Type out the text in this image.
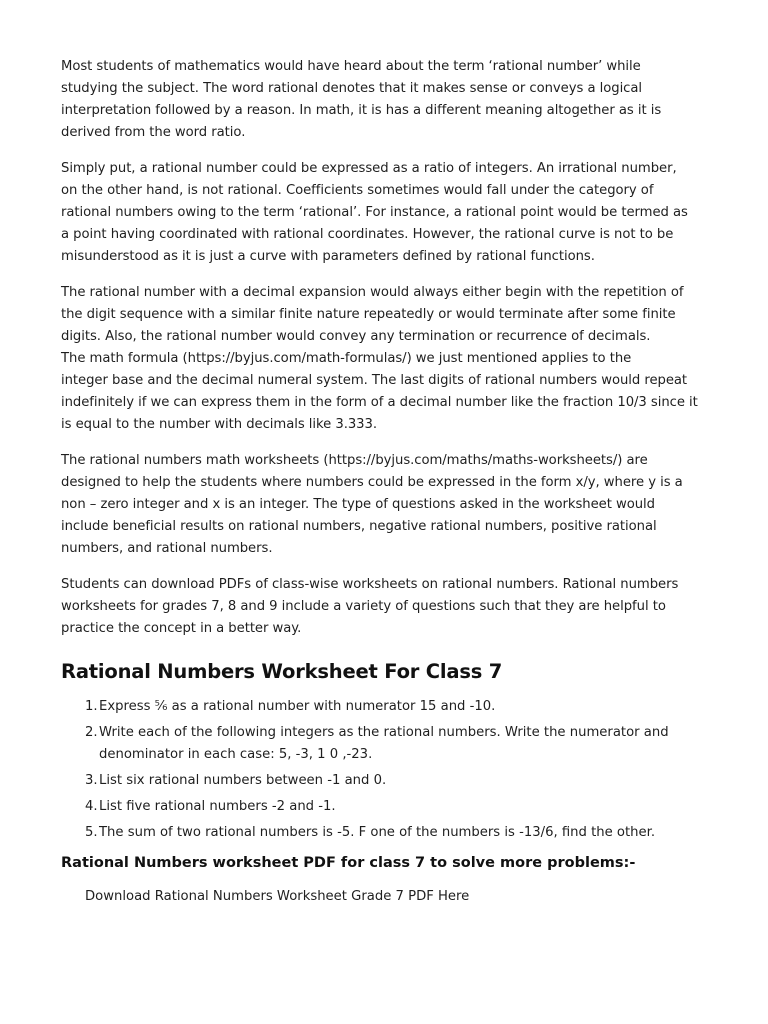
Most students of mathematics would have heard about the term ‘rational number’ while
studying the subject. The word rational denotes that it makes sense or conveys a logical
interpretation followed by a reason. In math, it is has a different meaning altogether as it is
derived from the word ratio.

Simply put, a rational number could be expressed as a ratio of integers. An irrational number,
on the other hand, is not rational. Coefficients sometimes would fall under the category of
rational numbers owing to the term ‘rational’. For instance, a rational point would be termed as
a point having coordinated with rational coordinates. However, the rational curve is not to be
misunderstood as it is just a curve with parameters defined by rational functions.

The rational number with a decimal expansion would always either begin with the repetition of
the digit sequence with a similar finite nature repeatedly or would terminate after some finite
digits. Also, the rational number would convey any termination or recurrence of decimals.
The math formula (https://byjus.com/math-formulas/) we just mentioned applies to the
integer base and the decimal numeral system. The last digits of rational numbers would repeat
indefinitely if we can express them in the form of a decimal number like the fraction 10/3 since it
is equal to the number with decimals like 3.333.

The rational numbers math worksheets (https://byjus.com/maths/maths-worksheets/) are
designed to help the students where numbers could be expressed in the form x/y, where y is a
non – zero integer and x is an integer. The type of questions asked in the worksheet would
include beneficial results on rational numbers, negative rational numbers, positive rational
numbers, and rational numbers.

Students can download PDFs of class-wise worksheets on rational numbers. Rational numbers
worksheets for grades 7, 8 and 9 include a variety of questions such that they are helpful to
practice the concept in a better way.

Rational Numbers Worksheet For Class 7
Express ⅚ as a rational number with numerator 15 and -10.
Write each of the following integers as the rational numbers. Write the numerator and
denominator in each case: 5, -3, 1 0 ,-23.
List six rational numbers between -1 and 0.
List five rational numbers -2 and -1.
The sum of two rational numbers is -5. F one of the numbers is -13/6, find the other.
Rational Numbers worksheet PDF for class 7 to solve more problems:-
Download Rational Numbers Worksheet Grade 7 PDF Here
